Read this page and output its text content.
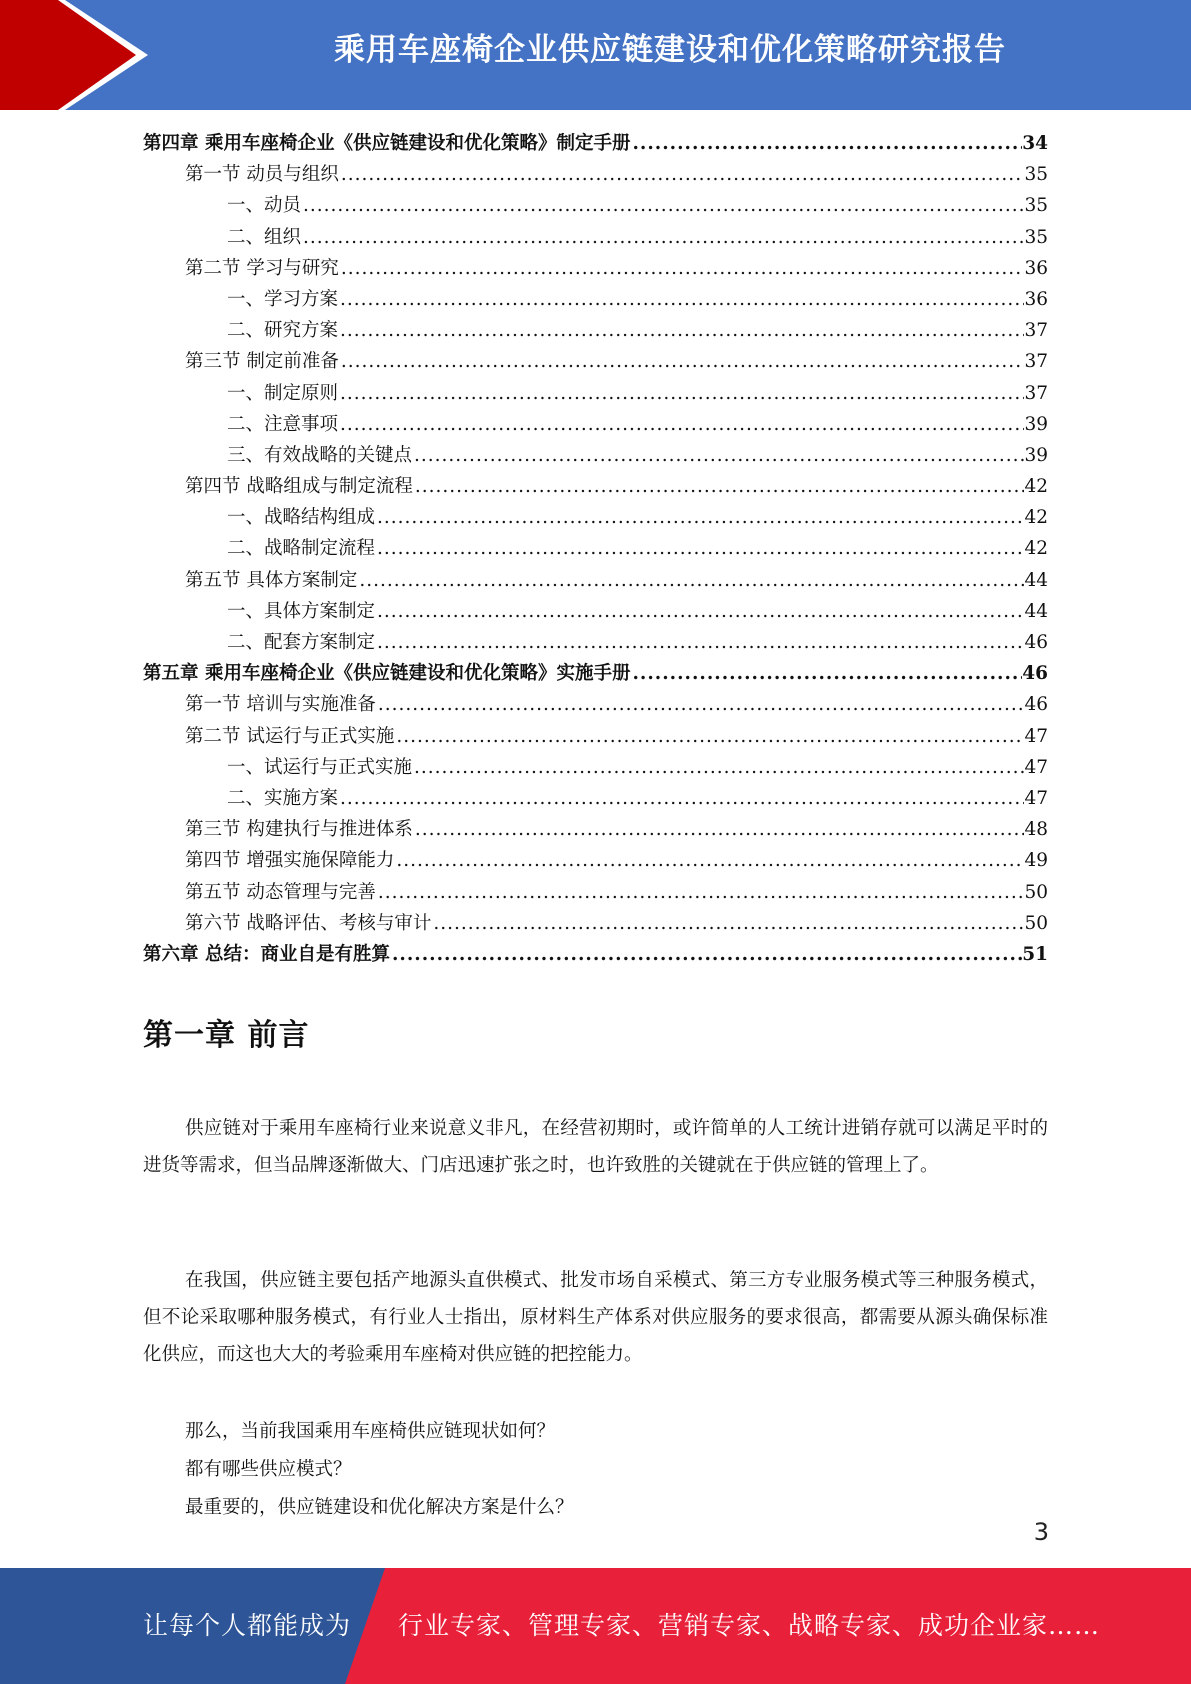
乘用车座椅企业供应链建设和优化策略研究报告
第四章 乘用车座椅企业《供应链建设和优化策略》制定手册 .....	34
第一节 动员与组织 .....	35
一、动员 .....	35
二、组织 .....	35
第二节 学习与研究 .....	36
一、学习方案 .....	36
二、研究方案 .....	37
第三节 制定前准备 .....	37
一、制定原则 .....	37
二、注意事项 .....	39
三、有效战略的关键点 .....	39
第四节 战略组成与制定流程 .....	42
一、战略结构组成 .....	42
二、战略制定流程 .....	42
第五节 具体方案制定 .....	44
一、具体方案制定 .....	44
二、配套方案制定 .....	46
第五章 乘用车座椅企业《供应链建设和优化策略》实施手册 .....	46
第一节 培训与实施准备 .....	46
第二节 试运行与正式实施 .....	47
一、试运行与正式实施 .....	47
二、实施方案 .....	47
第三节 构建执行与推进体系 .....	48
第四节 增强实施保障能力 .....	49
第五节 动态管理与完善 .....	50
第六节 战略评估、考核与审计 .....	50
第六章 总结：商业自是有胜算 .....	51
第一章 前言

供应链对于乘用车座椅行业来说意义非凡，在经营初期时，或许简单的人工统计进销存就可以满足平时的进货等需求，但当品牌逐渐做大、门店迅速扩张之时，也许致胜的关键就在于供应链的管理上了。

在我国，供应链主要包括产地源头直供模式、批发市场自采模式、第三方专业服务模式等三种服务模式，但不论采取哪种服务模式，有行业人士指出，原材料生产体系对供应服务的要求很高，都需要从源头确保标准化供应，而这也大大的考验乘用车座椅对供应链的把控能力。

那么，当前我国乘用车座椅供应链现状如何？
都有哪些供应模式？
最重要的，供应链建设和优化解决方案是什么？
3
让每个人都能成为 行业专家、管理专家、营销专家、战略专家、成功企业家……
